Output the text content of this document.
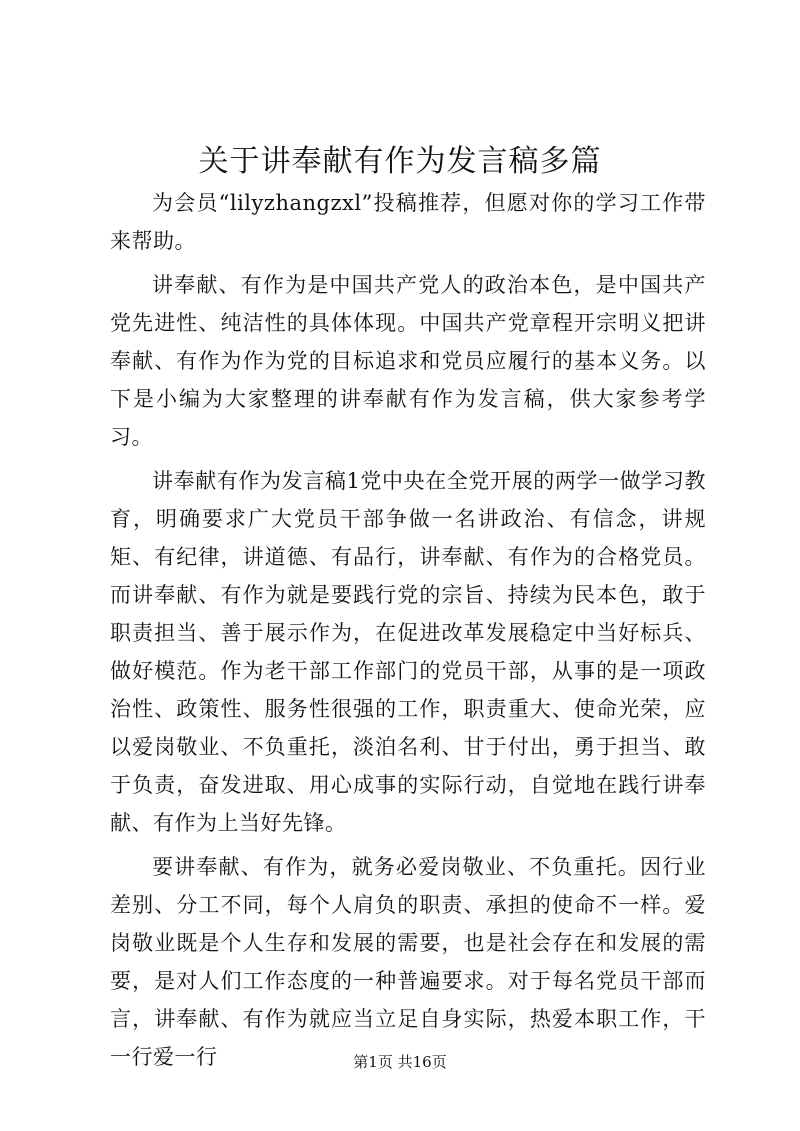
关于讲奉献有作为发言稿多篇

为会员“lilyzhangzxl”投稿推荐，但愿对你的学习工作带来帮助。

讲奉献、有作为是中国共产党人的政治本色，是中国共产党先进性、纯洁性的具体体现。中国共产党章程开宗明义把讲奉献、有作为作为党的目标追求和党员应履行的基本义务。以下是小编为大家整理的讲奉献有作为发言稿，供大家参考学习。

讲奉献有作为发言稿1党中央在全党开展的两学一做学习教育，明确要求广大党员干部争做一名讲政治、有信念，讲规矩、有纪律，讲道德、有品行，讲奉献、有作为的合格党员。而讲奉献、有作为就是要践行党的宗旨、持续为民本色，敢于职责担当、善于展示作为，在促进改革发展稳定中当好标兵、做好模范。作为老干部工作部门的党员干部，从事的是一项政治性、政策性、服务性很强的工作，职责重大、使命光荣，应以爱岗敬业、不负重托，淡泊名利、甘于付出，勇于担当、敢于负责，奋发进取、用心成事的实际行动，自觉地在践行讲奉献、有作为上当好先锋。

要讲奉献、有作为，就务必爱岗敬业、不负重托。因行业差别、分工不同，每个人肩负的职责、承担的使命不一样。爱岗敬业既是个人生存和发展的需要，也是社会存在和发展的需要，是对人们工作态度的一种普遍要求。对于每名党员干部而言，讲奉献、有作为就应当立足自身实际，热爱本职工作，干一行爱一行	第1页 共16页
